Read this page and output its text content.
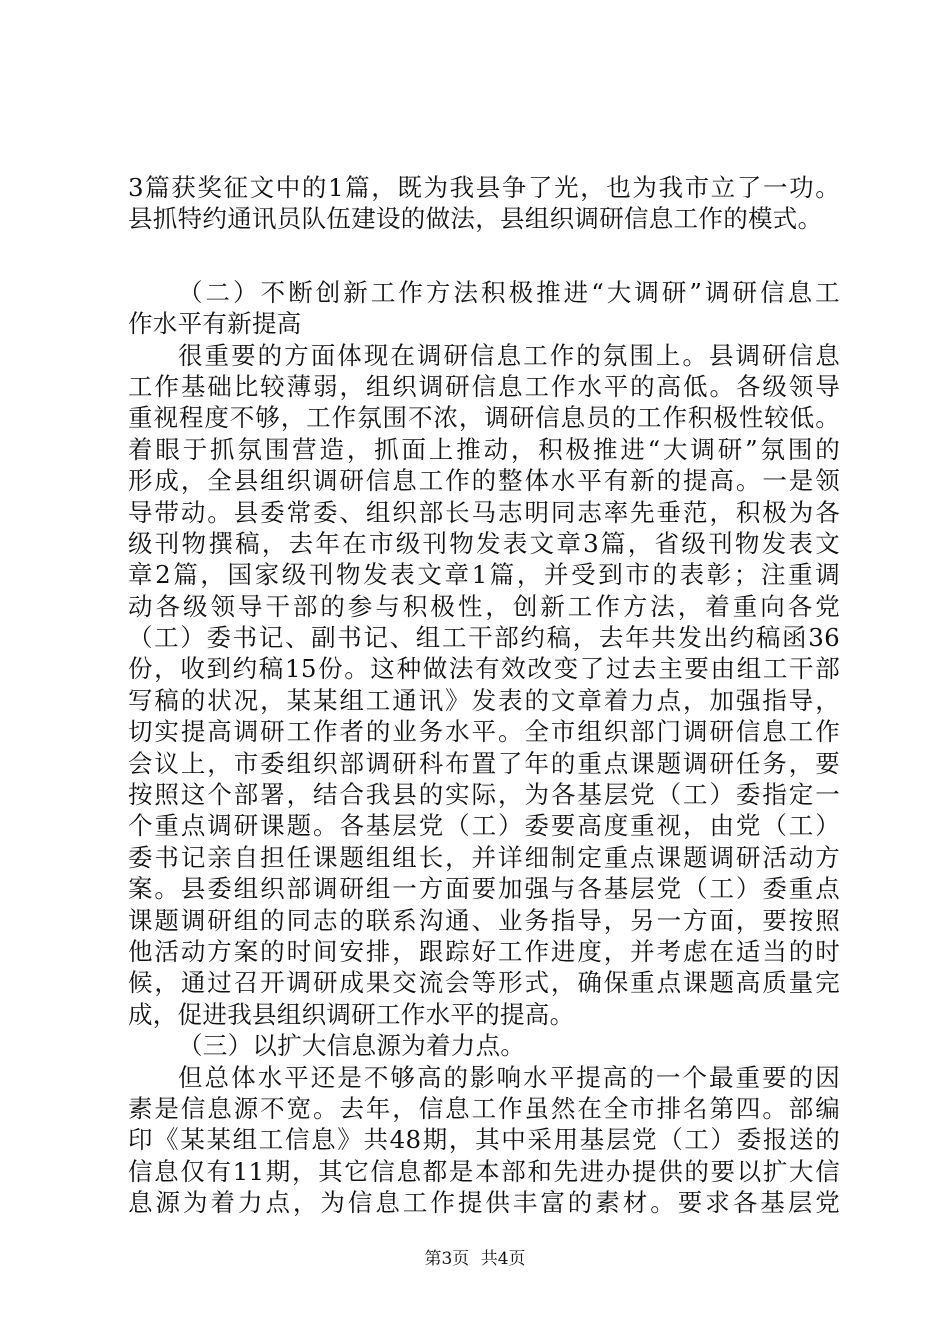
3篇获奖征文中的1篇，既为我县争了光，也为我市立了一功。
县抓特约通讯员队伍建设的做法，县组织调研信息工作的模式。
（二）不断创新工作方法积极推进“大调研”调研信息工
作水平有新提高
很重要的方面体现在调研信息工作的氛围上。县调研信息
工作基础比较薄弱，组织调研信息工作水平的高低。各级领导
重视程度不够，工作氛围不浓，调研信息员的工作积极性较低。
着眼于抓氛围营造，抓面上推动，积极推进“大调研”氛围的
形成，全县组织调研信息工作的整体水平有新的提高。一是领
导带动。县委常委、组织部长马志明同志率先垂范，积极为各
级刊物撰稿，去年在市级刊物发表文章3篇，省级刊物发表文
章2篇，国家级刊物发表文章1篇，并受到市的表彰；注重调
动各级领导干部的参与积极性，创新工作方法，着重向各党
（工）委书记、副书记、组工干部约稿，去年共发出约稿函36
份，收到约稿15份。这种做法有效改变了过去主要由组工干部
写稿的状况，某某组工通讯》发表的文章着力点，加强指导，
切实提高调研工作者的业务水平。全市组织部门调研信息工作
会议上，市委组织部调研科布置了年的重点课题调研任务，要
按照这个部署，结合我县的实际，为各基层党（工）委指定一
个重点调研课题。各基层党（工）委要高度重视，由党（工）
委书记亲自担任课题组组长，并详细制定重点课题调研活动方
案。县委组织部调研组一方面要加强与各基层党（工）委重点
课题调研组的同志的联系沟通、业务指导，另一方面，要按照
他活动方案的时间安排，跟踪好工作进度，并考虑在适当的时
候，通过召开调研成果交流会等形式，确保重点课题高质量完
成，促进我县组织调研工作水平的提高。
（三）以扩大信息源为着力点。
但总体水平还是不够高的影响水平提高的一个最重要的因
素是信息源不宽。去年，信息工作虽然在全市排名第四。部编
印《某某组工信息》共48期，其中采用基层党（工）委报送的
信息仅有11期，其它信息都是本部和先进办提供的要以扩大信
息源为着力点，为信息工作提供丰富的素材。要求各基层党
第3页 共4页
